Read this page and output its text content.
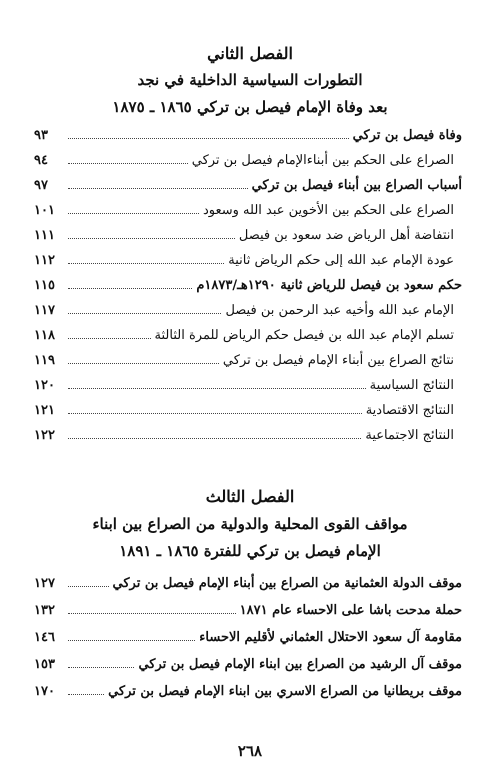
الفصل الثاني
التطورات السياسية الداخلية في نجد
بعد وفاة الإمام فيصل بن تركي ١٨٦٥ ـ ١٨٧٥
وفاة فيصل بن تركي
٩٣
الصراع على الحكم بين أبناءالإمام فيصل بن تركي
٩٤
أسباب الصراع بين أبناء فيصل بن تركي
٩٧
الصراع على الحكم بين الأخوين عبد الله وسعود
١٠١
انتفاضة أهل الرياض ضد سعود بن فيصل
١١١
عودة الإمام عبد الله إلى حكم الرياض ثانية
١١٢
حكم سعود بن فيصل للرياض ثانية ١٢٩٠هـ/١٨٧٣م
١١٥
الإمام عبد الله وأخيه عبد الرحمن بن فيصل
١١٧
تسلم الإمام عبد الله بن فيصل حكم الرياض للمرة الثالثة
١١٨
نتائج الصراع بين أبناء الإمام فيصل بن تركي
١١٩
النتائج السياسية
١٢٠
النتائج الاقتصادية
١٢١
النتائج الاجتماعية
١٢٢
الفصل الثالث
مواقف القوى المحلية والدولية من الصراع بين ابناء
الإمام فيصل بن تركي للفترة ١٨٦٥ ـ ١٨٩١
موقف الدولة العثمانية من الصراع بين أبناء الإمام فيصل بن تركي
١٢٧
حملة مدحت باشا على الاحساء عام ١٨٧١
١٣٢
مقاومة آل سعود الاحتلال العثماني لأقليم الاحساء
١٤٦
موقف آل الرشيد من الصراع بين ابناء الإمام فيصل بن تركي
١٥٣
موقف بريطانيا من الصراع الاسري بين ابناء الإمام فيصل بن تركي
١٧٠
٢٦٨
